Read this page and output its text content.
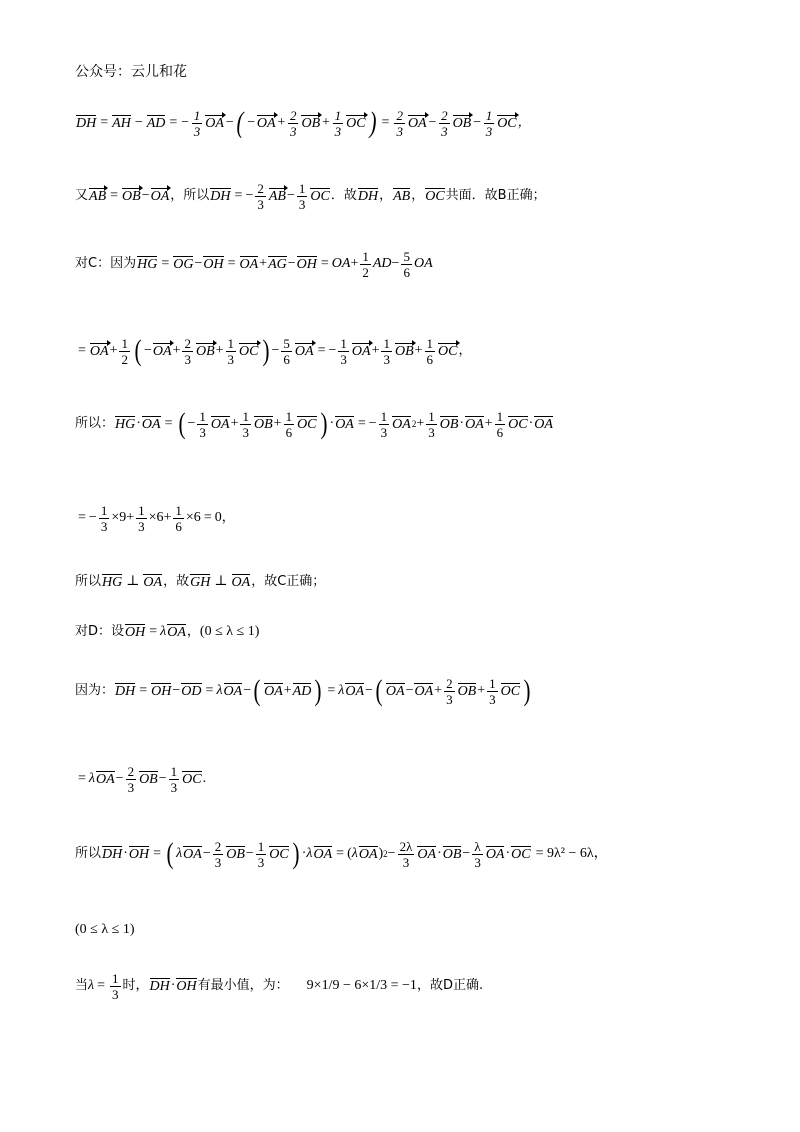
公众号：云儿和花
DH = AH − AD = − $\frac{1}{3}$ OA − ( − OA + $\frac{2}{3}$ OB + $\frac{1}{3}$ OC ) = $\frac{2}{3}$ OA − $\frac{2}{3}$ OB − $\frac{1}{3}$ OC ，
又 AB = OB − OA ，所以 DH = − $\frac{2}{3}$ AB − $\frac{1}{3}$ OC ．故 DH ， AB ， OC 共面．故B正确；
对C：因为 HG = OG − OH = OA + AG − OH = OA + $\frac{1}{2}$ AD − $\frac{5}{6}$ OA
= OA + $\frac{1}{2}$ ( − OA + $\frac{2}{3}$ OB + $\frac{1}{3}$ OC ) − $\frac{5}{6}$ OA = − $\frac{1}{3}$ OA + $\frac{1}{3}$ OB + $\frac{1}{6}$ OC ，
所以： HG · OA = ( − $\frac{1}{3}$ OA + $\frac{1}{3}$ OB + $\frac{1}{6}$ OC ) · OA = − $\frac{1}{3}$ OA $2 + \frac{1}{3}$ OB · OA + $\frac{1}{6}$ OC · OA
= − $\frac{1}{3} \times 9+ \frac{1}{3} \times 6+ \frac{1}{6} \times 6 = 0$ ，
所以 HG ⊥ OA ，故 GH ⊥ OA ，故C正确；
对D：设 OH = λ OA ， (0 ≤ λ ≤ 1)
因为： DH = OH − OD = λ OA − ( OA + AD ) = λ OA − ( OA − OA + $\frac{2}{3}$ OB + $\frac{1}{3}$ OC )
= λ OA − $\frac{2}{3}$ OB − $\frac{1}{3}$ OC .
所以 DH · OH = ( λ OA − $\frac{2}{3}$ OB − $\frac{1}{3}$ OC ) · λ OA = ( λ OA ) $2 - \frac{2\lambda}{3}$ OA · OB − $\frac{\lambda}{3}$ OA · OC = 9λ² − 6λ，
(0 ≤ λ ≤ 1)
当 $\lambda = \frac{1}{3}$ 时， DH · OH 有最小值，为： 9×1/9 − 6×1/3 = −1 ，故D正确.
